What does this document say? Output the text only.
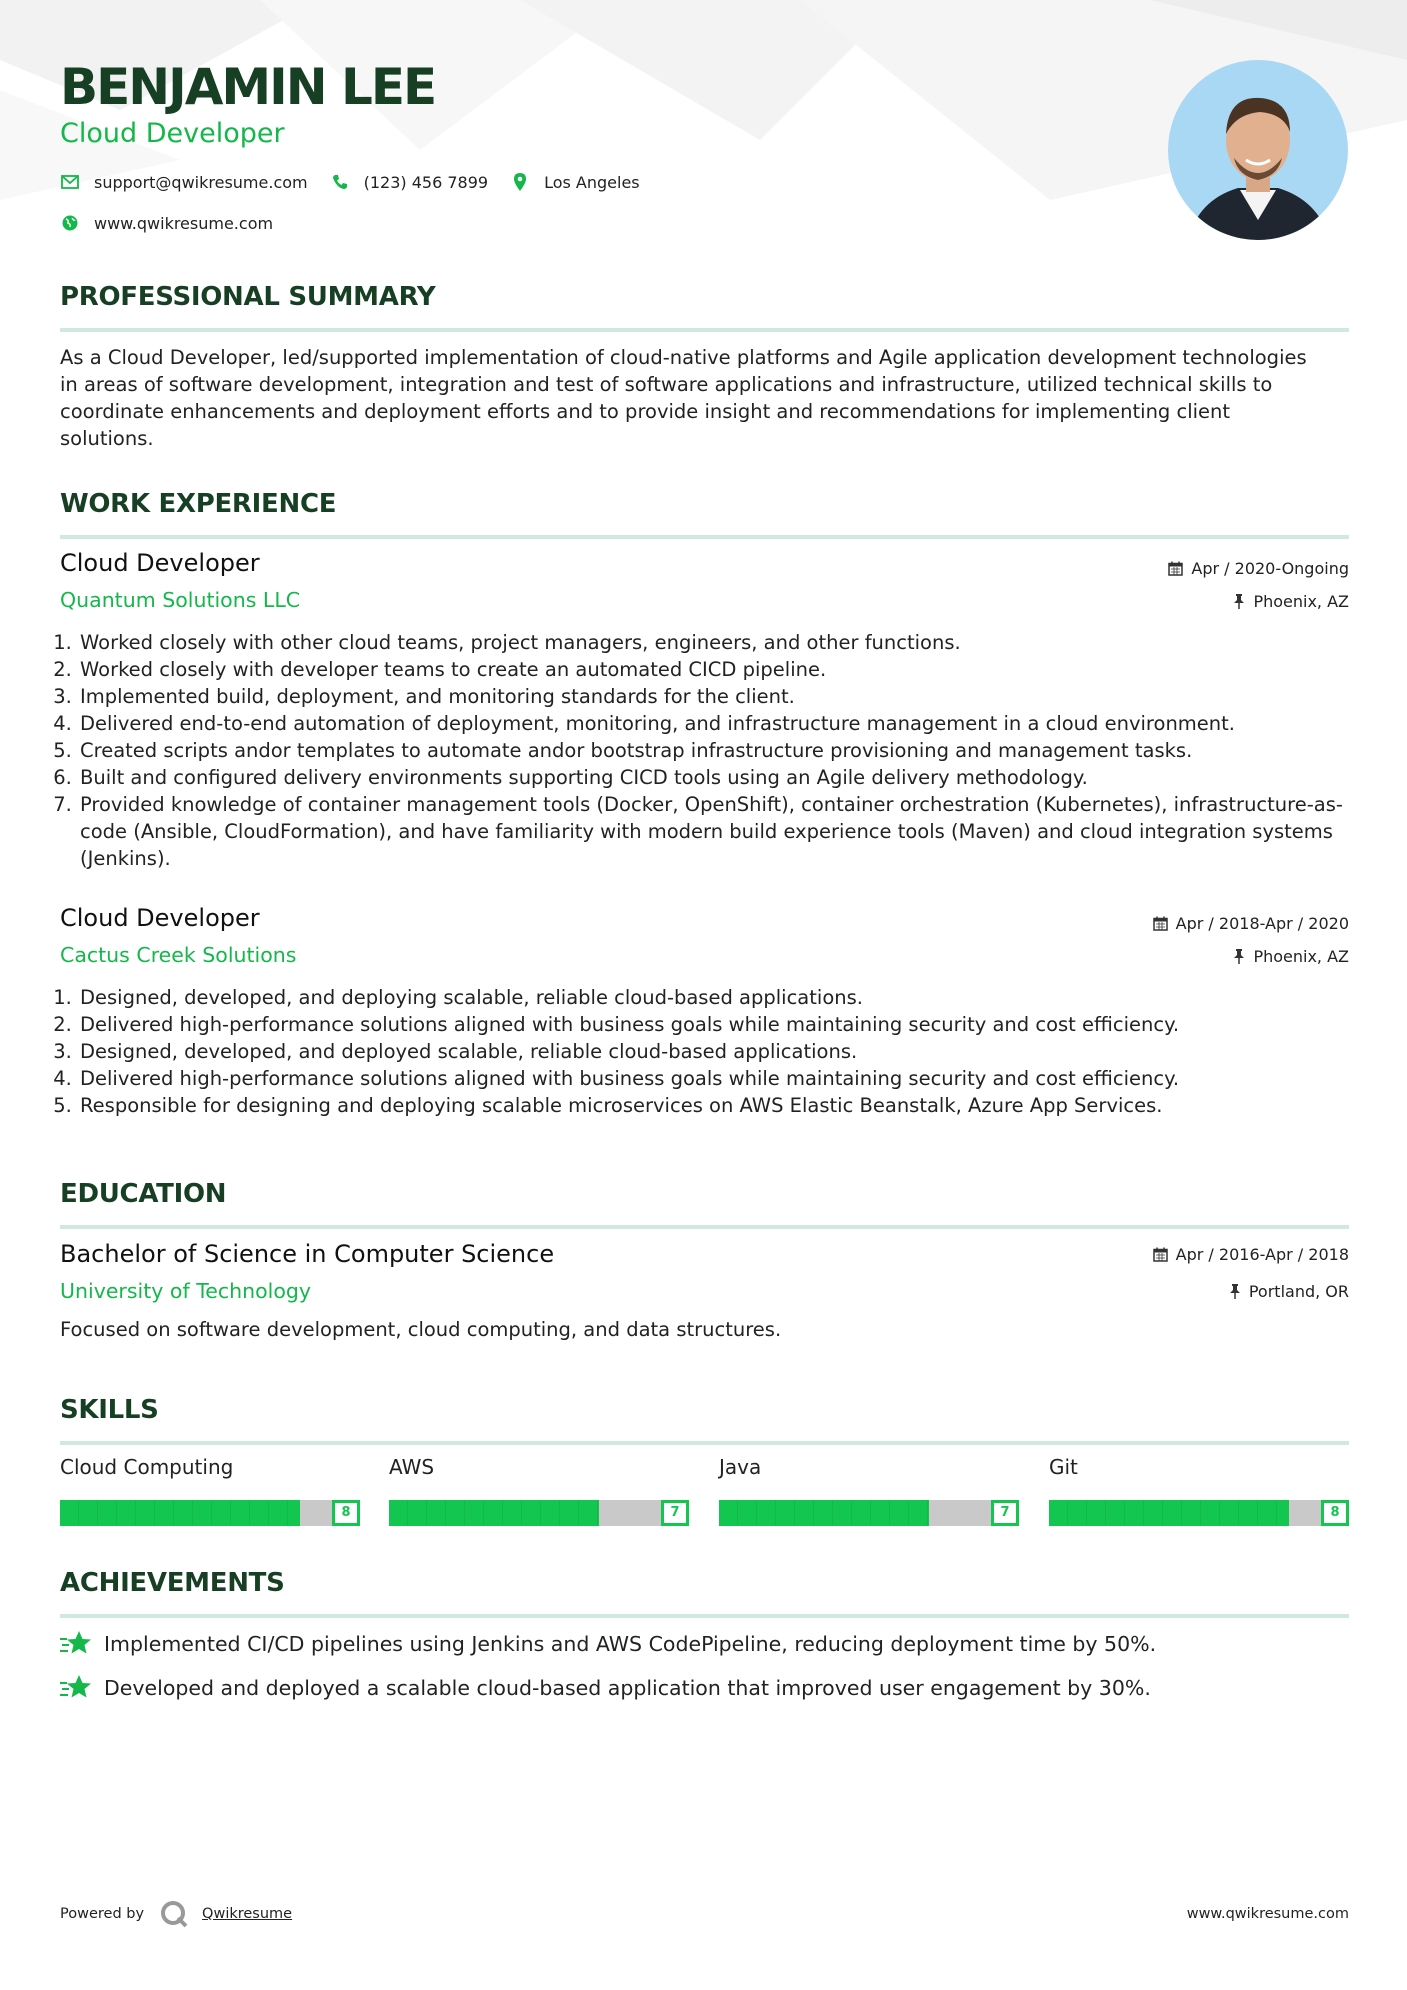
BENJAMIN LEE
Cloud Developer
support@qwikresume.com	(123) 456 7899	Los Angeles
www.qwikresume.com
PROFESSIONAL SUMMARY
As a Cloud Developer, led/supported implementation of cloud-native platforms and Agile application development technologies in areas of software development, integration and test of software applications and infrastructure, utilized technical skills to coordinate enhancements and deployment efforts and to provide insight and recommendations for implementing client solutions.
WORK EXPERIENCE
Cloud Developer
Quantum Solutions LLC
Apr / 2020-Ongoing
Phoenix, AZ
1. Worked closely with other cloud teams, project managers, engineers, and other functions.
2. Worked closely with developer teams to create an automated CICD pipeline.
3. Implemented build, deployment, and monitoring standards for the client.
4. Delivered end-to-end automation of deployment, monitoring, and infrastructure management in a cloud environment.
5. Created scripts andor templates to automate andor bootstrap infrastructure provisioning and management tasks.
6. Built and configured delivery environments supporting CICD tools using an Agile delivery methodology.
7. Provided knowledge of container management tools (Docker, OpenShift), container orchestration (Kubernetes), infrastructure-as-code (Ansible, CloudFormation), and have familiarity with modern build experience tools (Maven) and cloud integration systems (Jenkins).
Cloud Developer
Cactus Creek Solutions
Apr / 2018-Apr / 2020
Phoenix, AZ
1. Designed, developed, and deploying scalable, reliable cloud-based applications.
2. Delivered high-performance solutions aligned with business goals while maintaining security and cost efficiency.
3. Designed, developed, and deployed scalable, reliable cloud-based applications.
4. Delivered high-performance solutions aligned with business goals while maintaining security and cost efficiency.
5. Responsible for designing and deploying scalable microservices on AWS Elastic Beanstalk, Azure App Services.
EDUCATION
Bachelor of Science in Computer Science
University of Technology
Apr / 2016-Apr / 2018
Portland, OR
Focused on software development, cloud computing, and data structures.
SKILLS
Cloud Computing
8
AWS
7
Java
7
Git
8
ACHIEVEMENTS
Implemented CI/CD pipelines using Jenkins and AWS CodePipeline, reducing deployment time by 50%.
Developed and deployed a scalable cloud-based application that improved user engagement by 30%.
Powered by	Qwikresume	www.qwikresume.com
